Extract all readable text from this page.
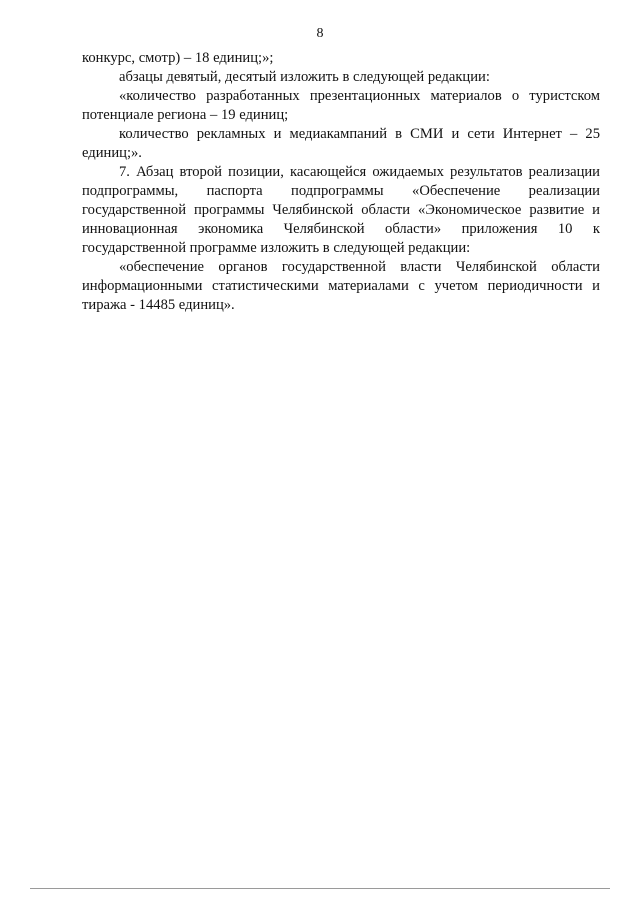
8

конкурс, смотр) – 18 единиц;»;

абзацы девятый, десятый изложить в следующей редакции:

«количество разработанных презентационных материалов о туристском потенциале региона – 19 единиц;

количество рекламных и медиакампаний в СМИ и сети Интернет – 25 единиц;».

7. Абзац второй позиции, касающейся ожидаемых результатов реализации подпрограммы, паспорта подпрограммы «Обеспечение реализации государственной программы Челябинской области «Экономическое развитие и инновационная экономика Челябинской области» приложения 10 к государственной программе изложить в следующей редакции:

«обеспечение органов государственной власти Челябинской области информационными статистическими материалами с учетом периодичности и тиража - 14485 единиц».
